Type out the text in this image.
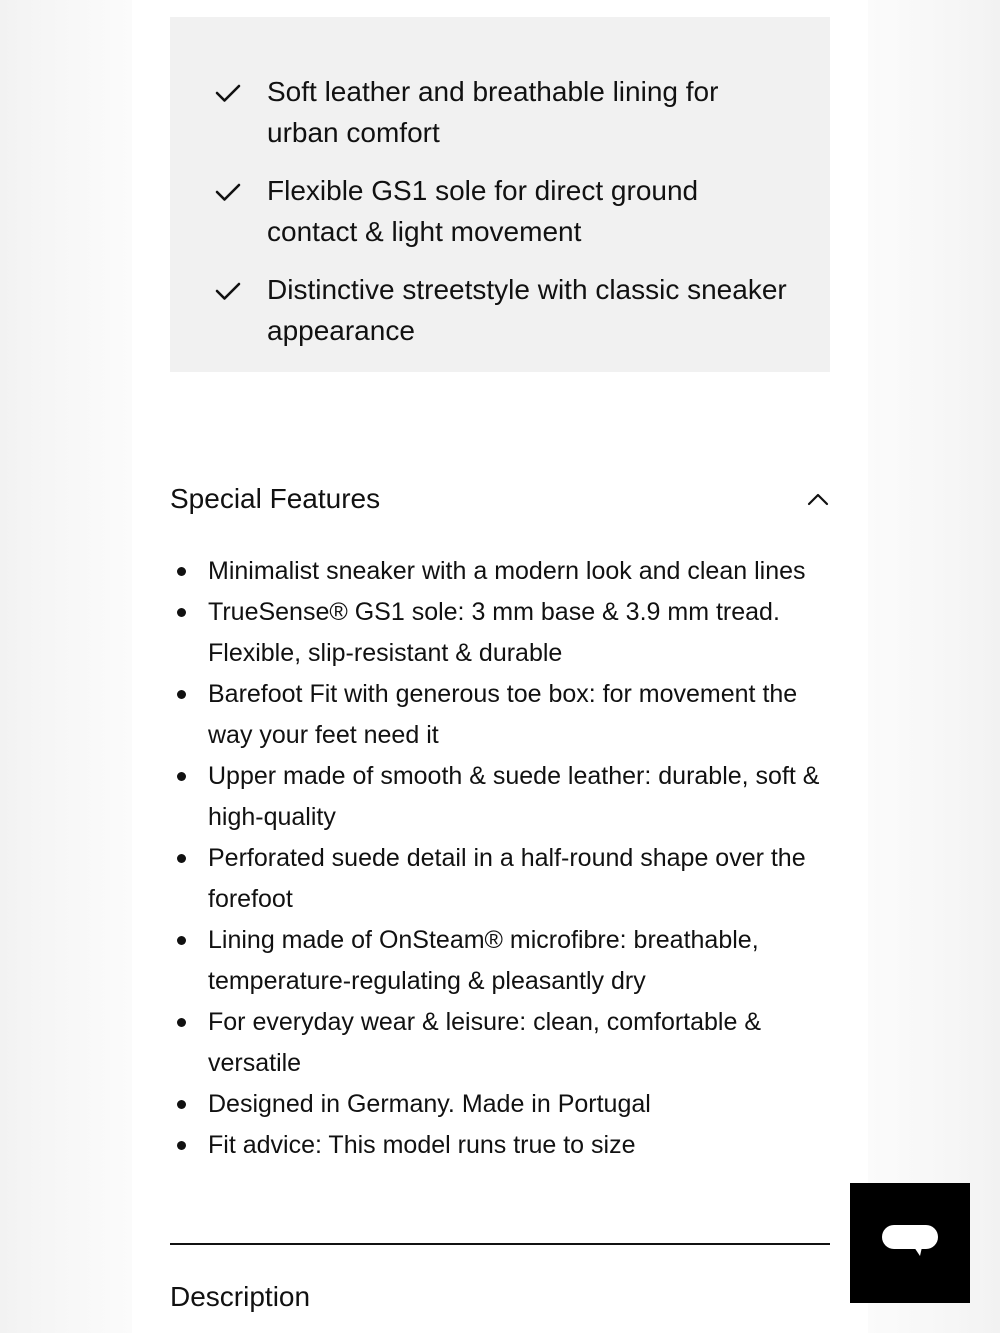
Soft leather and breathable lining for urban comfort
Flexible GS1 sole for direct ground contact & light movement
Distinctive streetstyle with classic sneaker appearance
Special Features
Minimalist sneaker with a modern look and clean lines
TrueSense® GS1 sole: 3 mm base & 3.9 mm tread. Flexible, slip-resistant & durable
Barefoot Fit with generous toe box: for movement the way your feet need it
Upper made of smooth & suede leather: durable, soft & high-quality
Perforated suede detail in a half-round shape over the forefoot
Lining made of OnSteam® microfibre: breathable, temperature-regulating & pleasantly dry
For everyday wear & leisure: clean, comfortable & versatile
Designed in Germany. Made in Portugal
Fit advice: This model runs true to size
Description
